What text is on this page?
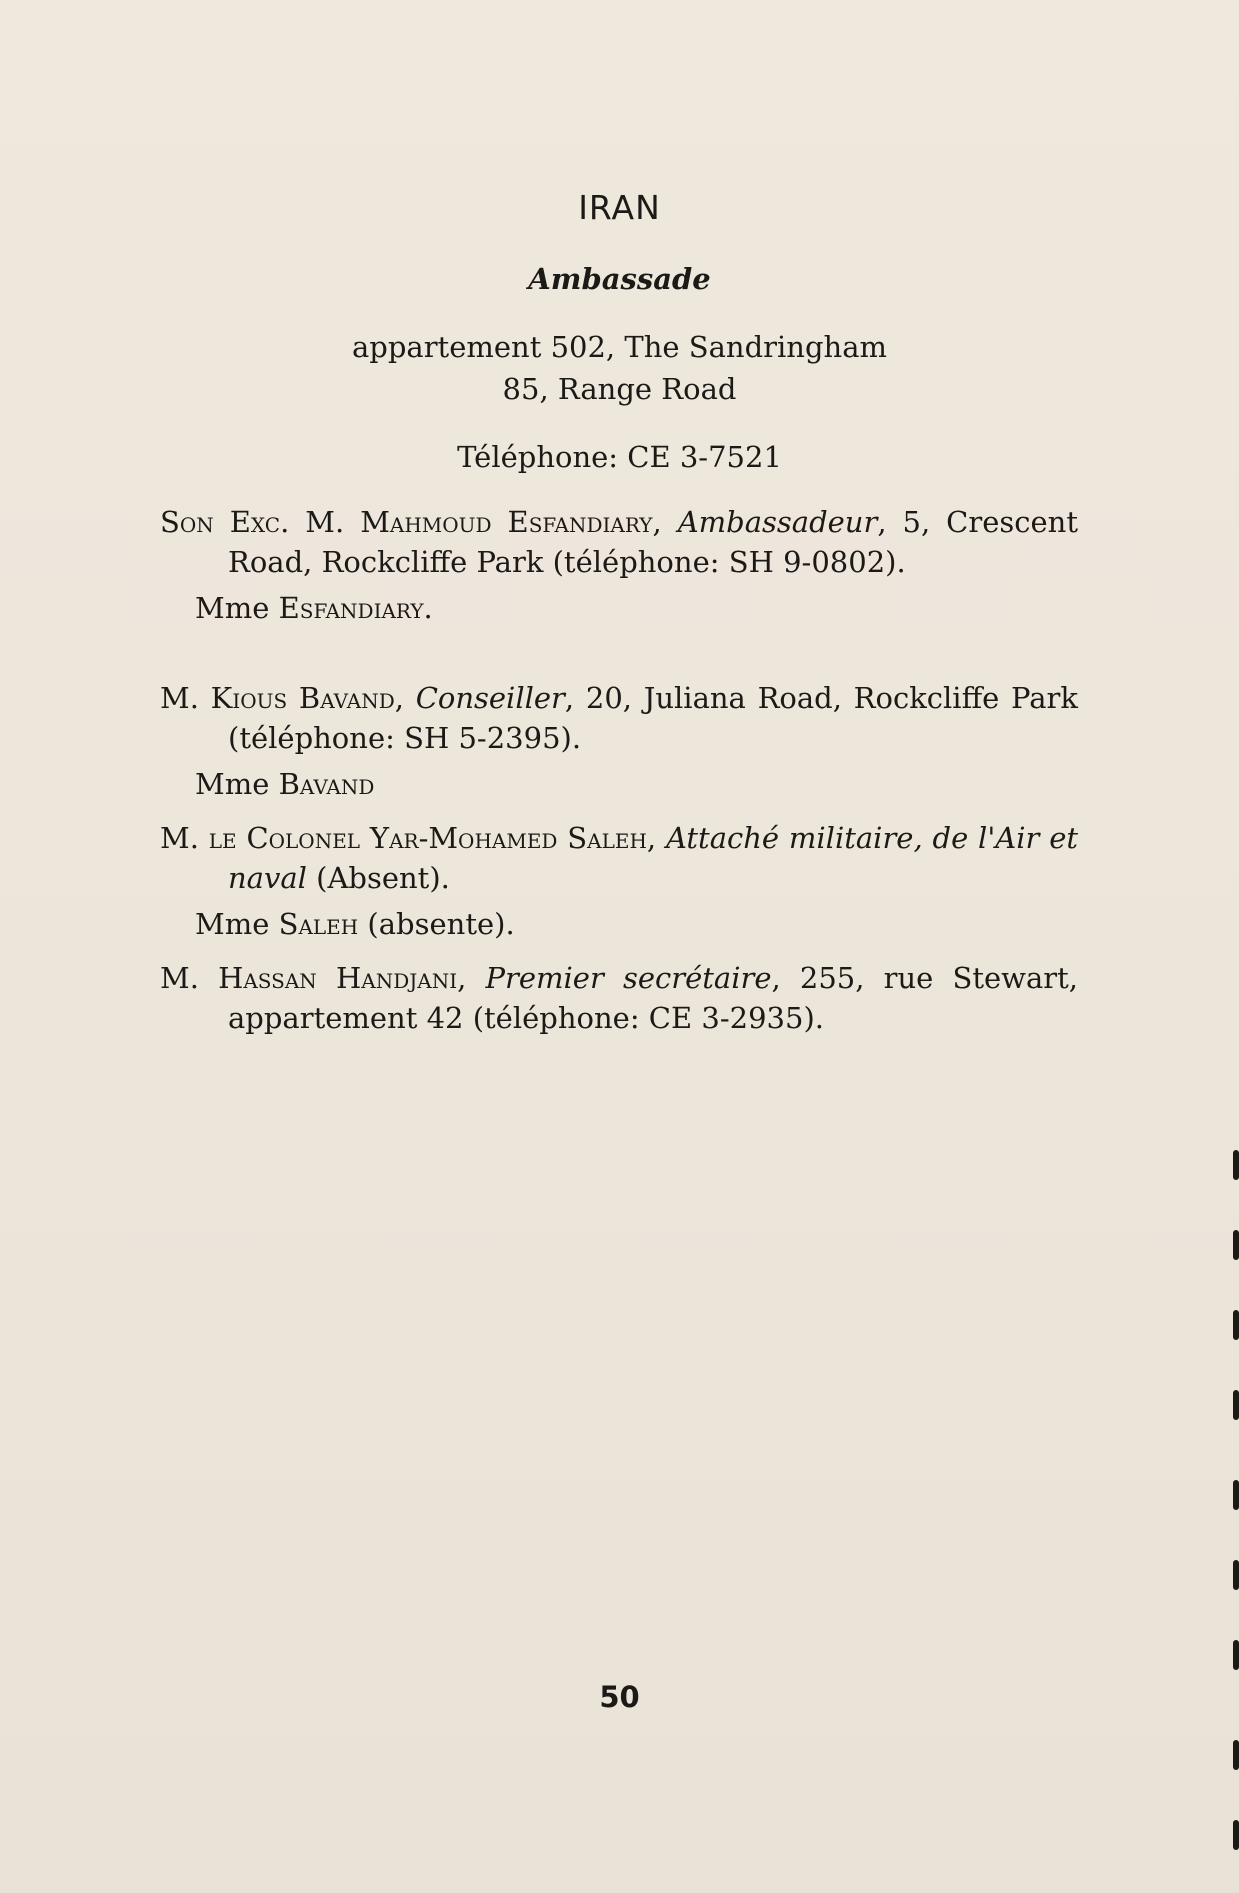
IRAN
Ambassade
appartement 502, The Sandringham
85, Range Road
Téléphone: CE 3-7521
Son Exc. M. Mahmoud Esfandiary, Ambassadeur, 5, Crescent Road, Rockcliffe Park (téléphone: SH 9-0802).
Mme Esfandiary.
M. Kious Bavand, Conseiller, 20, Juliana Road, Rockcliffe Park (téléphone: SH 5-2395).
Mme Bavand
M. le Colonel Yar-Mohamed Saleh, Attaché militaire, de l'Air et naval (Absent).
Mme Saleh (absente).
M. Hassan Handjani, Premier secrétaire, 255, rue Stewart, appartement 42 (téléphone: CE 3-2935).
50
